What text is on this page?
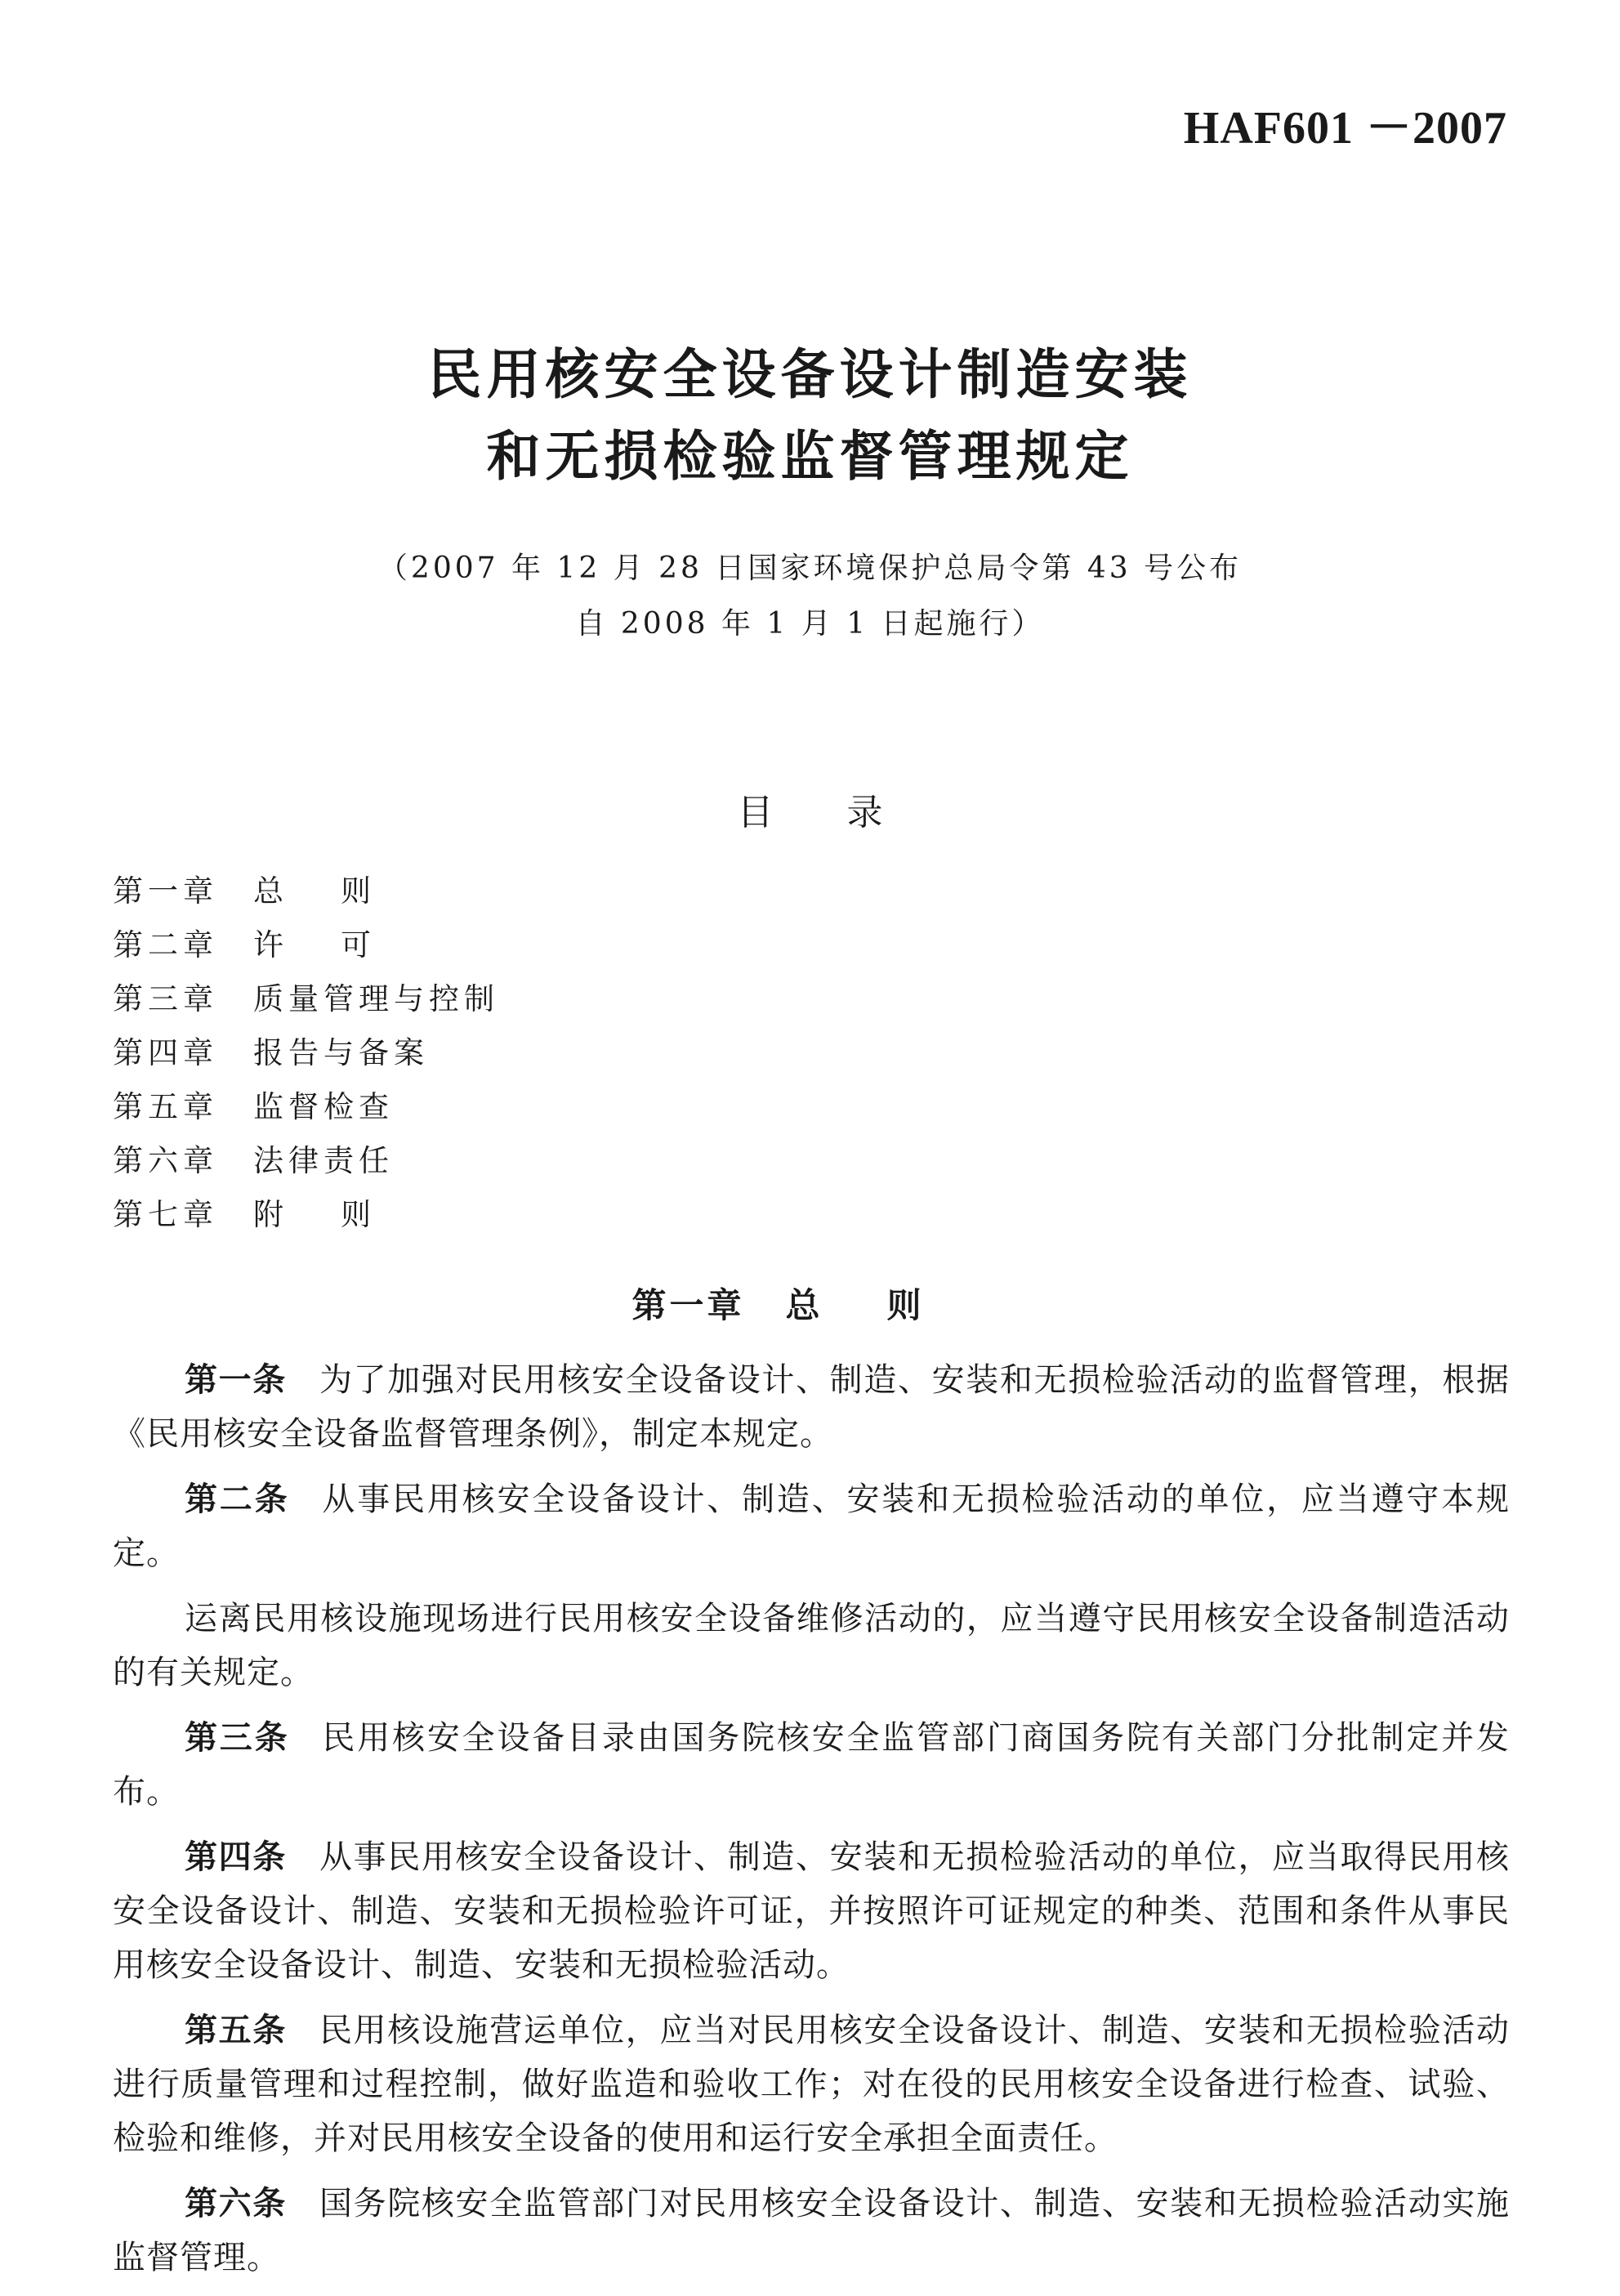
HAF601 －2007
民用核安全设备设计制造安装
和无损检验监督管理规定
（2007 年 12 月 28 日国家环境保护总局令第 43 号公布
自 2008 年 1 月 1 日起施行）
目录
第一章 总则
第二章 许可
第三章 质量管理与控制
第四章 报告与备案
第五章 监督检查
第六章 法律责任
第七章 附则
第一章 总则

第一条 为了加强对民用核安全设备设计、制造、安装和无损检验活动的监督管理，根据《民用核安全设备监督管理条例》，制定本规定。

第二条 从事民用核安全设备设计、制造、安装和无损检验活动的单位，应当遵守本规定。

运离民用核设施现场进行民用核安全设备维修活动的，应当遵守民用核安全设备制造活动的有关规定。

第三条 民用核安全设备目录由国务院核安全监管部门商国务院有关部门分批制定并发布。

第四条 从事民用核安全设备设计、制造、安装和无损检验活动的单位，应当取得民用核安全设备设计、制造、安装和无损检验许可证，并按照许可证规定的种类、范围和条件从事民用核安全设备设计、制造、安装和无损检验活动。

第五条 民用核设施营运单位，应当对民用核安全设备设计、制造、安装和无损检验活动进行质量管理和过程控制，做好监造和验收工作；对在役的民用核安全设备进行检查、试验、检验和维修，并对民用核安全设备的使用和运行安全承担全面责任。

第六条 国务院核安全监管部门对民用核安全设备设计、制造、安装和无损检验活动实施监督管理。
